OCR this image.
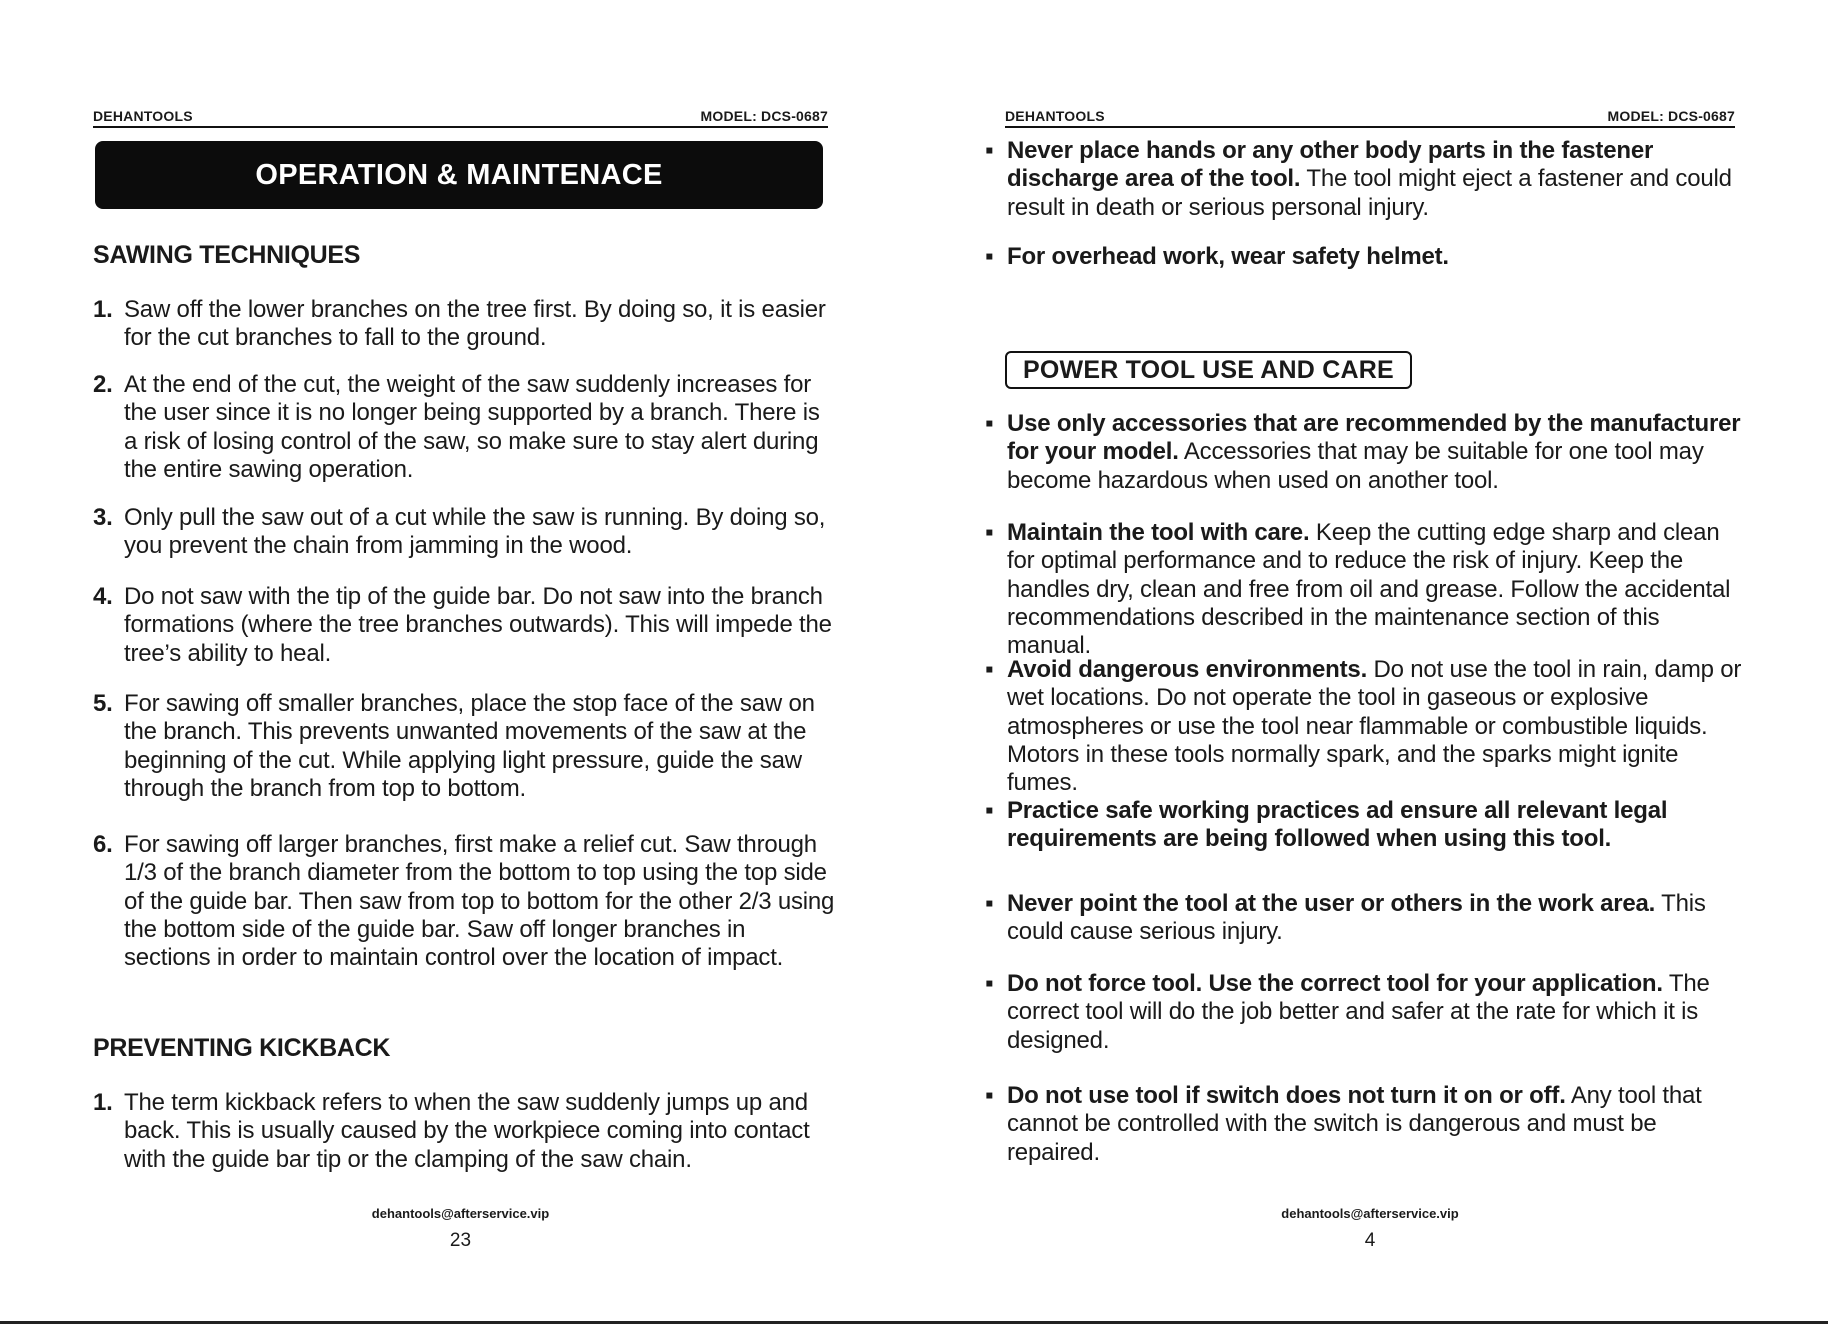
DEHANTOOLS	MODEL: DCS-0687
OPERATION & MAINTENACE
SAWING TECHNIQUES
1. Saw off the lower branches on the tree first. By doing so, it is easier for the cut branches to fall to the ground.
2. At the end of the cut, the weight of the saw suddenly increases for the user since it is no longer being supported by a branch. There is a risk of losing control of the saw, so make sure to stay alert during the entire sawing operation.
3. Only pull the saw out of a cut while the saw is running. By doing so, you prevent the chain from jamming in the wood.
4. Do not saw with the tip of the guide bar. Do not saw into the branch formations (where the tree branches outwards). This will impede the tree’s ability to heal.
5. For sawing off smaller branches, place the stop face of the saw on the branch. This prevents unwanted movements of the saw at the beginning of the cut. While applying light pressure, guide the saw through the branch from top to bottom.
6. For sawing off larger branches, first make a relief cut. Saw through 1/3 of the branch diameter from the bottom to top using the top side of the guide bar. Then saw from top to bottom for the other 2/3 using the bottom side of the guide bar. Saw off longer branches in sections in order to maintain control over the location of impact.
PREVENTING KICKBACK
1. The term kickback refers to when the saw suddenly jumps up and back. This is usually caused by the workpiece coming into contact with the guide bar tip or the clamping of the saw chain.
dehantools@afterservice.vip
23
DEHANTOOLS	MODEL: DCS-0687
▪ Never place hands or any other body parts in the fastener discharge area of the tool. The tool might eject a fastener and could result in death or serious personal injury.
▪ For overhead work, wear safety helmet.
POWER TOOL USE AND CARE
▪ Use only accessories that are recommended by the manufacturer for your model. Accessories that may be suitable for one tool may become hazardous when used on another tool.
▪ Maintain the tool with care. Keep the cutting edge sharp and clean for optimal performance and to reduce the risk of injury. Keep the handles dry, clean and free from oil and grease. Follow the accidental recommendations described in the maintenance section of this manual.
▪ Avoid dangerous environments. Do not use the tool in rain, damp or wet locations. Do not operate the tool in gaseous or explosive atmospheres or use the tool near flammable or combustible liquids. Motors in these tools normally spark, and the sparks might ignite fumes.
▪ Practice safe working practices ad ensure all relevant legal requirements are being followed when using this tool.
▪ Never point the tool at the user or others in the work area. This could cause serious injury.
▪ Do not force tool. Use the correct tool for your application. The correct tool will do the job better and safer at the rate for which it is designed.
▪ Do not use tool if switch does not turn it on or off. Any tool that cannot be controlled with the switch is dangerous and must be repaired.
dehantools@afterservice.vip
4
